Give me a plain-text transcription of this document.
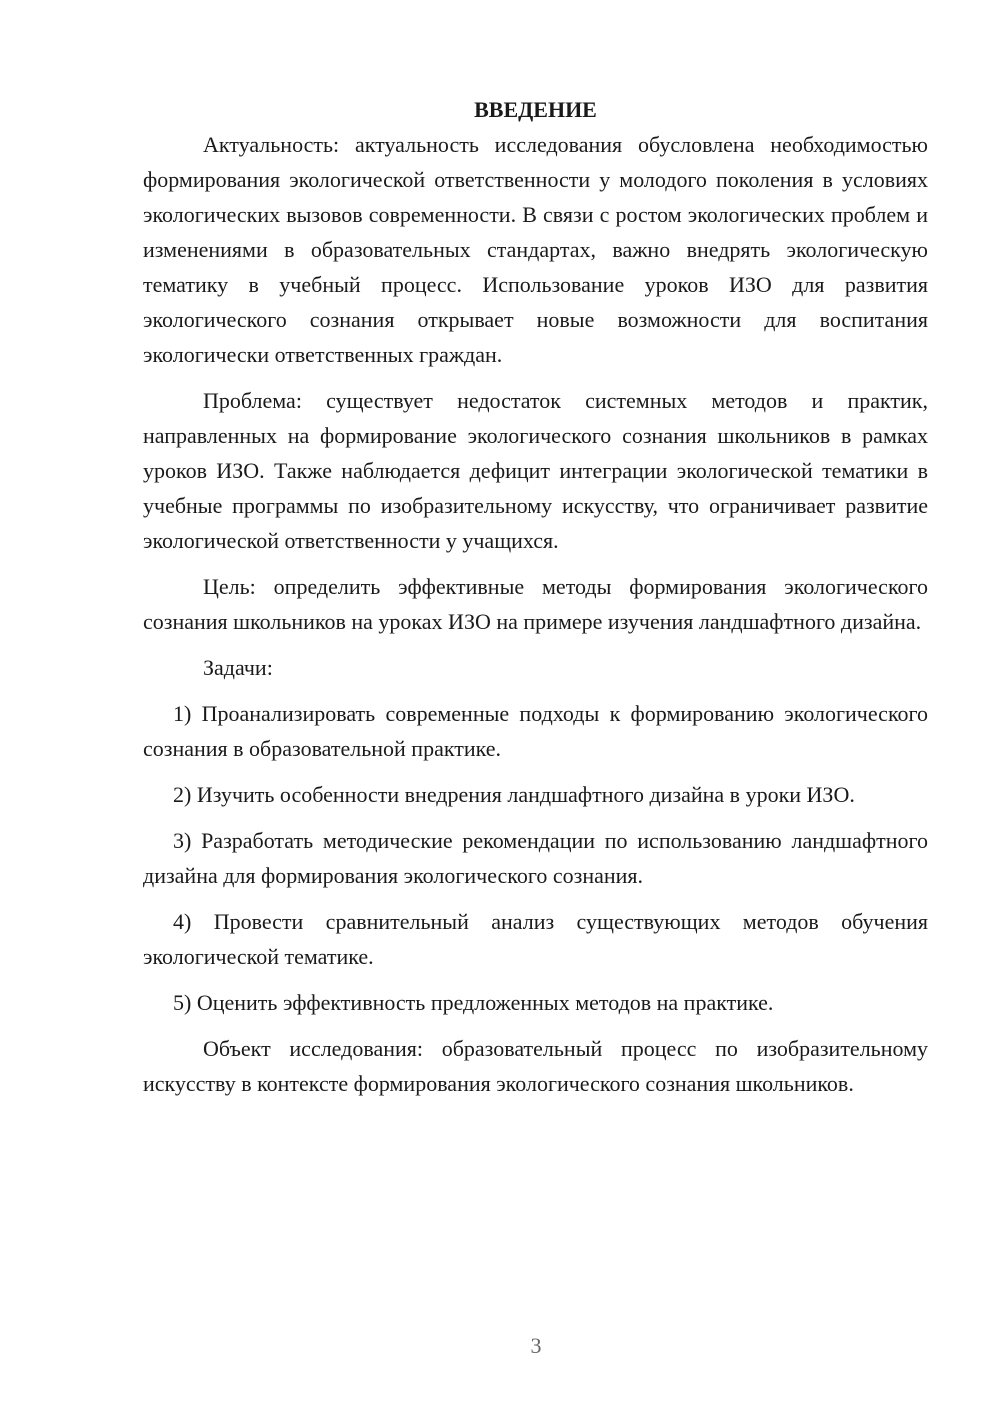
ВВЕДЕНИЕ

Актуальность: актуальность исследования обусловлена необходимостью формирования экологической ответственности у молодого поколения в условиях экологических вызовов современности. В связи с ростом экологических проблем и изменениями в образовательных стандартах, важно внедрять экологическую тематику в учебный процесс. Использование уроков ИЗО для развития экологического сознания открывает новые возможности для воспитания экологически ответственных граждан.

Проблема: существует недостаток системных методов и практик, направленных на формирование экологического сознания школьников в рамках уроков ИЗО. Также наблюдается дефицит интеграции экологической тематики в учебные программы по изобразительному искусству, что ограничивает развитие экологической ответственности у учащихся.

Цель: определить эффективные методы формирования экологического сознания школьников на уроках ИЗО на примере изучения ландшафтного дизайна.

Задачи:

1) Проанализировать современные подходы к формированию экологического сознания в образовательной практике.

2) Изучить особенности внедрения ландшафтного дизайна в уроки ИЗО.

3) Разработать методические рекомендации по использованию ландшафтного дизайна для формирования экологического сознания.

4) Провести сравнительный анализ существующих методов обучения экологической тематике.

5) Оценить эффективность предложенных методов на практике.

Объект исследования: образовательный процесс по изобразительному искусству в контексте формирования экологического сознания школьников.

3
